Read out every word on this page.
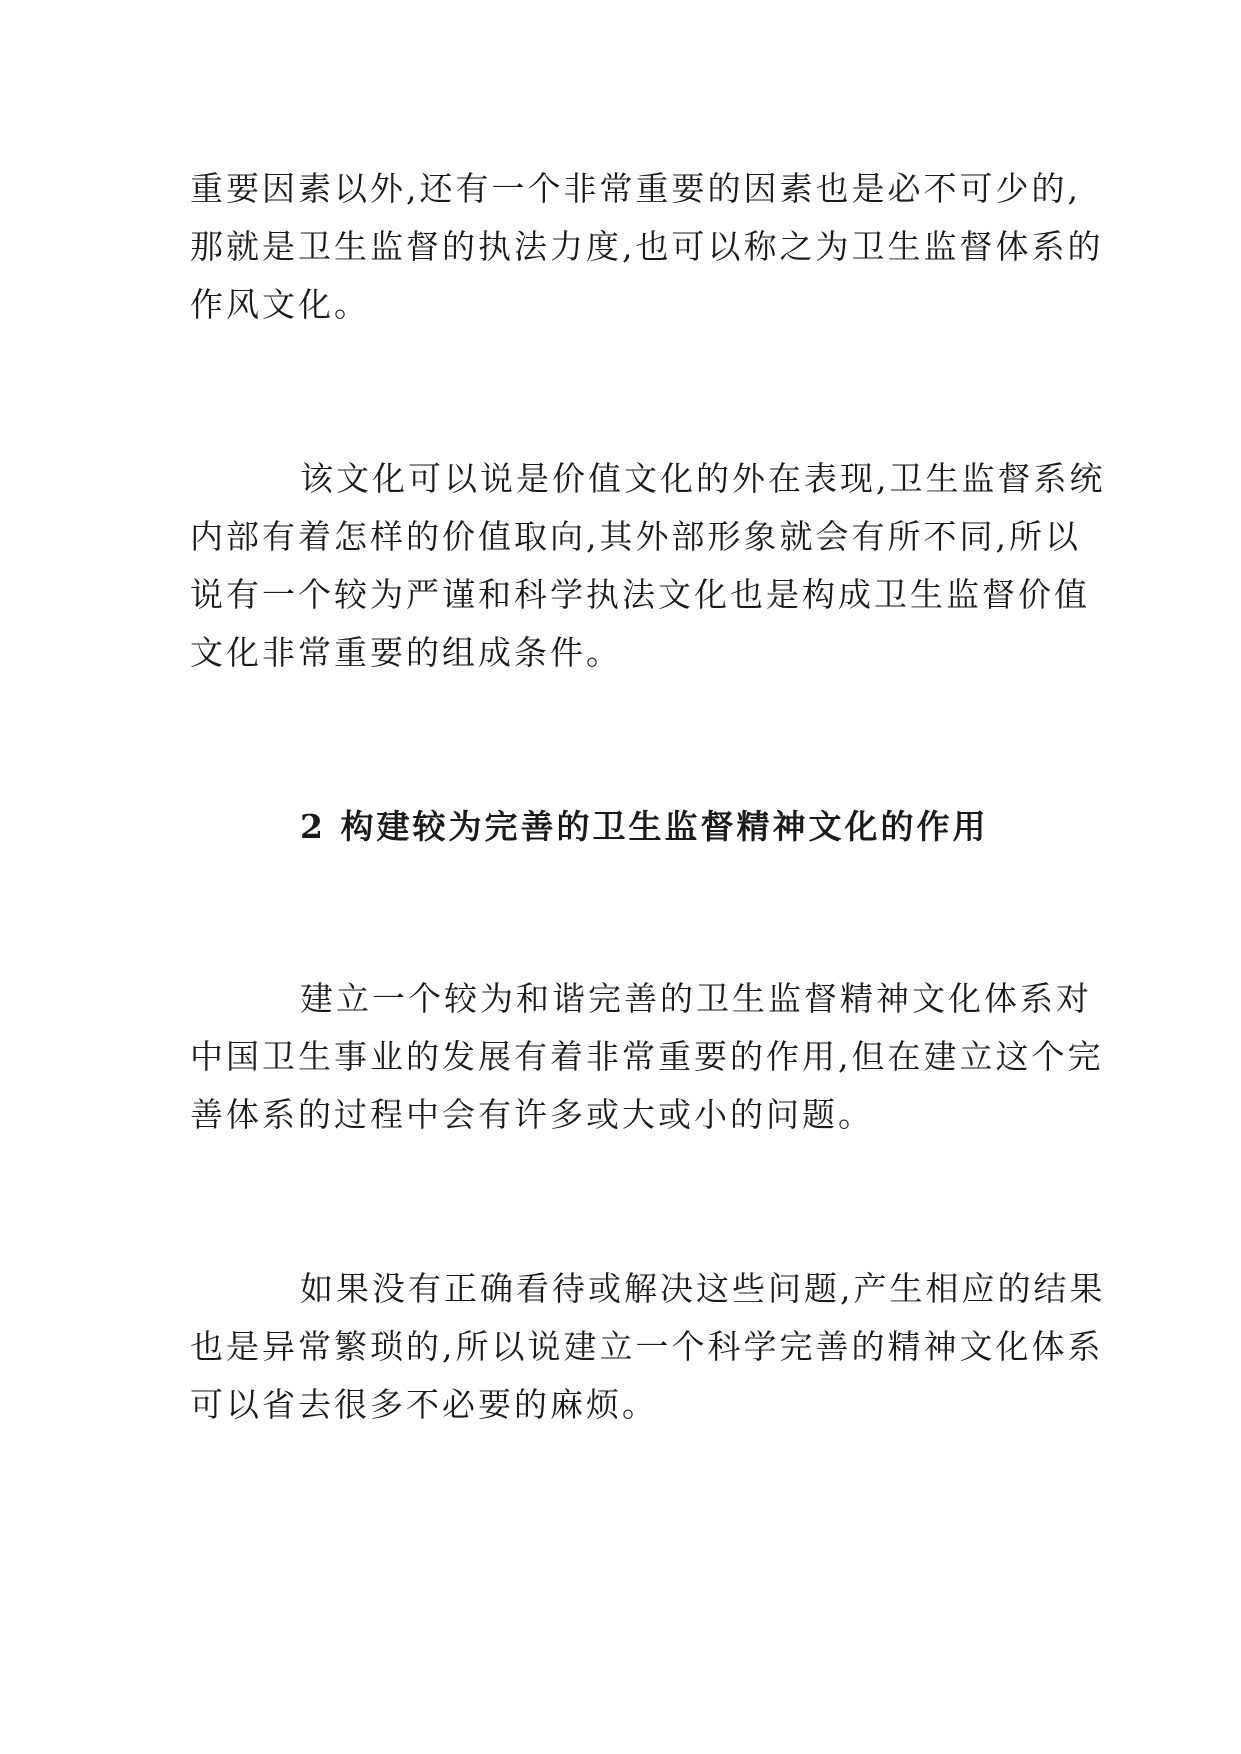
重要因素以外,还有一个非常重要的因素也是必不可少的,
那就是卫生监督的执法力度,也可以称之为卫生监督体系的
作风文化。

该文化可以说是价值文化的外在表现,卫生监督系统
内部有着怎样的价值取向,其外部形象就会有所不同,所以
说有一个较为严谨和科学执法文化也是构成卫生监督价值
文化非常重要的组成条件。

2 构建较为完善的卫生监督精神文化的作用

建立一个较为和谐完善的卫生监督精神文化体系对
中国卫生事业的发展有着非常重要的作用,但在建立这个完
善体系的过程中会有许多或大或小的问题。

如果没有正确看待或解决这些问题,产生相应的结果
也是异常繁琐的,所以说建立一个科学完善的精神文化体系
可以省去很多不必要的麻烦。
